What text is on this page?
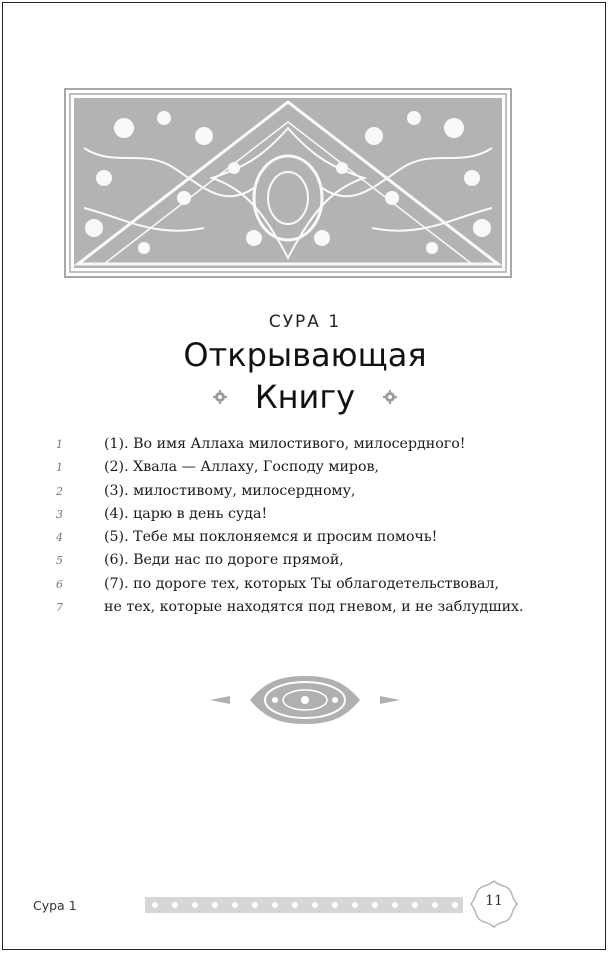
СУРА 1
Открывающая
Книгу
1	(1). Во имя Аллаха милостивого, милосердного!
1	(2). Хвала — Аллаху, Господу миров,
2	(3). милостивому, милосердному,
3	(4). царю в день суда!
4	(5). Тебе мы поклоняемся и просим помочь!
5	(6). Веди нас по дороге прямой,
6	(7). по дороге тех, которых Ты облагодетельствовал,
7	не тех, которые находятся под гневом, и не заблудших.
Сура 1	11
